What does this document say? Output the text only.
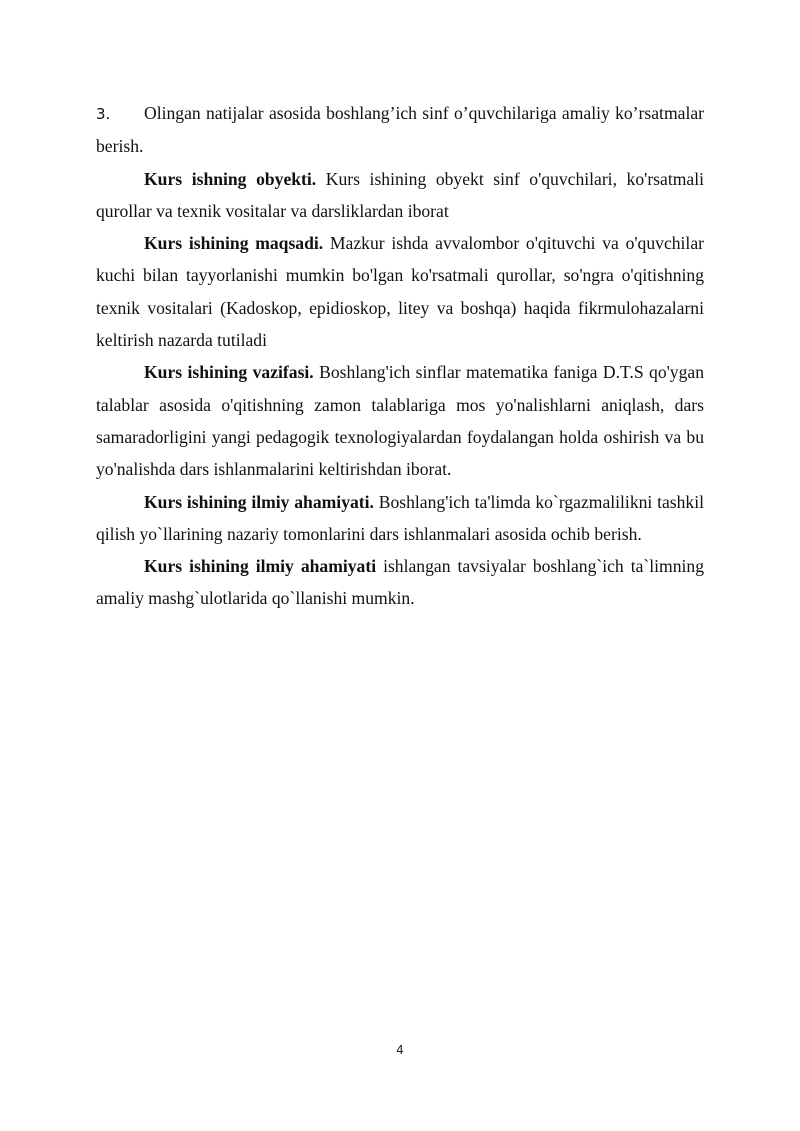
3. Olingan natijalar asosida boshlang’ich sinf o’quvchilariga amaliy ko’rsatmalar berish.

Kurs ishning obyekti. Kurs ishining obyekt sinf o'quvchilari, ko'rsatmali qurollar va texnik vositalar va darsliklardan iborat

Kurs ishining maqsadi. Mazkur ishda avvalombor o'qituvchi va o'quvchilar kuchi bilan tayyorlanishi mumkin bo'lgan ko'rsatmali qurollar, so'ngra o'qitishning texnik vositalari (Kadoskop, epidioskop, litey va boshqa) haqida fikrmulohazalarni keltirish nazarda tutiladi

Kurs ishining vazifasi. Boshlang'ich sinflar matematika faniga D.T.S qo'ygan talablar asosida o'qitishning zamon talablariga mos yo'nalishlarni aniqlash, dars samaradorligini yangi pedagogik texnologiyalardan foydalangan holda oshirish va bu yo'nalishda dars ishlanmalarini keltirishdan iborat.

Kurs ishining ilmiy ahamiyati. Boshlang'ich ta'limda ko`rgazmalilikni tashkil qilish yo`llarining nazariy tomonlarini dars ishlanmalari asosida ochib berish.

Kurs ishining ilmiy ahamiyati ishlangan tavsiyalar boshlang`ich ta`limning amaliy mashg`ulotlarida qo`llanishi mumkin.

4
